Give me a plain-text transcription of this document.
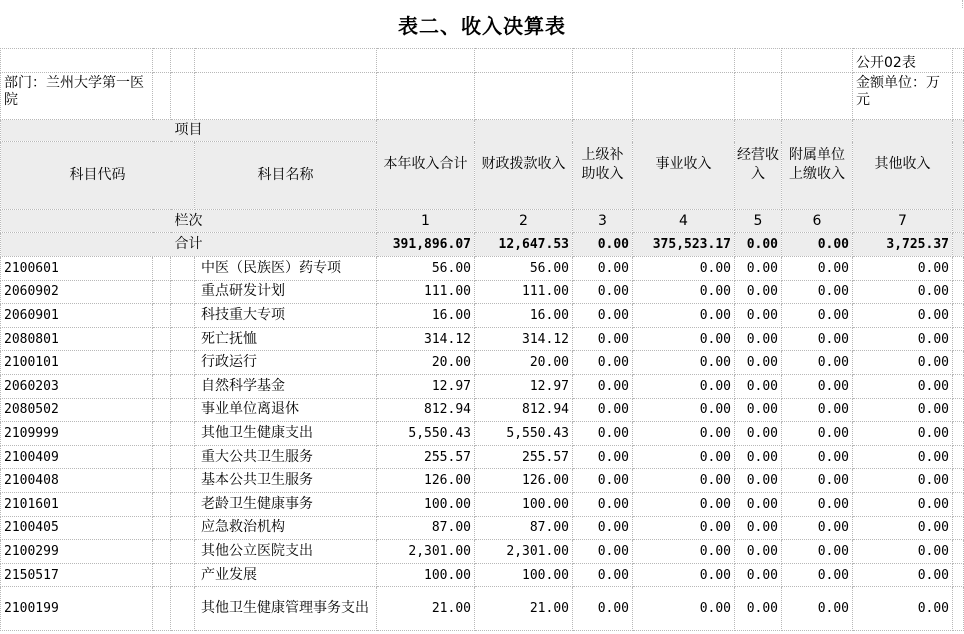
表二、收入决算表
										公开02表	
部门：兰州大学第一医院										金额单位：万元	
项目				本年收入合计	财政拨款收入	上级补助收入	事业收入	经营收入	附属单位上缴收入	其他收入	
科目代码			科目名称								
栏次				1	2	3	4	5	6	7	
合计				391,896.07	12,647.53	0.00	375,523.17	0.00	0.00	3,725.37	
2100601			中医（民族医）药专项	56.00	56.00	0.00	0.00	0.00	0.00	0.00	
2060902			重点研发计划	111.00	111.00	0.00	0.00	0.00	0.00	0.00	
2060901			科技重大专项	16.00	16.00	0.00	0.00	0.00	0.00	0.00	
2080801			死亡抚恤	314.12	314.12	0.00	0.00	0.00	0.00	0.00	
2100101			行政运行	20.00	20.00	0.00	0.00	0.00	0.00	0.00	
2060203			自然科学基金	12.97	12.97	0.00	0.00	0.00	0.00	0.00	
2080502			事业单位离退休	812.94	812.94	0.00	0.00	0.00	0.00	0.00	
2109999			其他卫生健康支出	5,550.43	5,550.43	0.00	0.00	0.00	0.00	0.00	
2100409			重大公共卫生服务	255.57	255.57	0.00	0.00	0.00	0.00	0.00	
2100408			基本公共卫生服务	126.00	126.00	0.00	0.00	0.00	0.00	0.00	
2101601			老龄卫生健康事务	100.00	100.00	0.00	0.00	0.00	0.00	0.00	
2100405			应急救治机构	87.00	87.00	0.00	0.00	0.00	0.00	0.00	
2100299			其他公立医院支出	2,301.00	2,301.00	0.00	0.00	0.00	0.00	0.00	
2150517			产业发展	100.00	100.00	0.00	0.00	0.00	0.00	0.00	
2100199			其他卫生健康管理事务支出	21.00	21.00	0.00	0.00	0.00	0.00	0.00	
